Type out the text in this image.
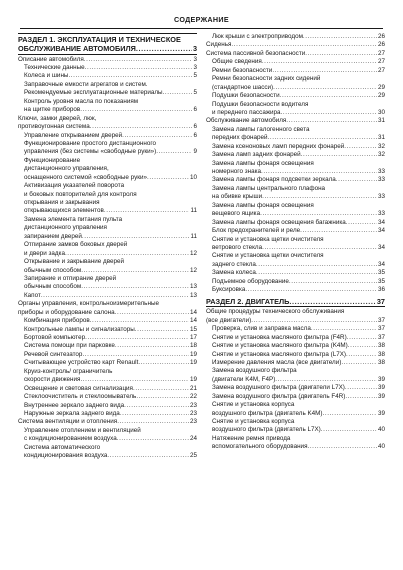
СОДЕРЖАНИЕ
РАЗДЕЛ 1. ЭКСПЛУАТАЦИЯ И ТЕХНИЧЕСКОЕ
ОБСЛУЖИВАНИЕ АВТОМОБИЛЯ .....	3
Описание автомобиля .....	3
Технические данные .....	3
Колеса и шины .....	5
Заправочные емкости агрегатов и систем.
Рекомендуемые эксплуатационные материалы .....	5
Контроль уровня масла по показаниям
на щитке приборов .....	6
Ключи, замки дверей, люк,
противоугонная система .....	6
Управление открыванием дверей .....	6
Функционирование простого дистанционного
управления (без системы «свободные руки») .....	9
Функционирование
дистанционного управления,
оснащенного системой «свободные руки» .....	10
Активизация указателей поворота
и боковых повторителей для контроля
открывания и закрывания
открывающихся элементов .....	11
Замена элемента питания пульта
дистанционного управления
запиранием дверей .....	11
Отпирание замков боковых дверей
и двери задка .....	12
Открывание и закрывание дверей
обычным способом .....	12
Запирание и отпирание дверей
обычным способом .....	13
Капот .....	13
Органы управления, контрольноизмерительные
приборы и оборудование салона .....	14
Комбинация приборов .....	14
Контрольные лампы и сигнализаторы .....	15
Бортовой компьютер .....	17
Система помощи при парковке .....	18
Речевой синтезатор .....	19
Считывающее устройство карт Renault .....	19
Круиз-контроль/ ограничитель
скорости движения .....	19
Освещение и световая сигнализация .....	21
Стеклоочиститель и стеклоомыватель .....	22
Внутреннее зеркало заднего вида .....	23
Наружные зеркала заднего вида .....	23
Система вентиляции и отопления .....	23
Управление отоплением и вентиляцией
с кондиционированием воздуха .....	24
Система автоматического
кондиционирования воздуха .....	25
Люк крыши с электроприводом .....	26
Сиденья .....	26
Система пассивной безопасности .....	27
Общие сведения .....	27
Ремни безопасности .....	27
Ремни безопасности задних сидений
(стандартное шасси) .....	29
Подушки безопасности .....	29
Подушки безопасности водителя
и переднего пассажира .....	30
Обслуживание автомобиля .....	31
Замена лампы галогенного света
передних фонарей .....	31
Замена ксеноновых ламп передних фонарей .....	32
Замена ламп задних фонарей .....	32
Замена лампы фонаря освещения
номерного знака .....	33
Замена лампы фонаря подсветки зеркала .....	33
Замена лампы центрального плафона
на обивке крыши .....	33
Замена лампы фонаря освещения
вещевого ящика .....	33
Замена лампы фонаря освещения багажника .....	34
Блок предохранителей и реле .....	34
Снятие и установка щетки очистителя
ветрового стекла .....	34
Снятие и установка щетки очистителя
заднего стекла .....	34
Замена колеса .....	35
Подъемное оборудование .....	35
Буксировка .....	36
РАЗДЕЛ 2. ДВИГАТЕЛЬ .....	37
Общие процедуры технического обслуживания
(все двигатели) .....	37
Проверка, слив и заправка масла .....	37
Снятие и установка масляного фильтра (F4R) .....	37
Снятие и установка масляного фильтра (K4M) .....	38
Снятие и установка масляного фильтра (L7X) .....	38
Измерение давления масла (все двигатели) .....	38
Замена воздушного фильтра
(двигатели K4M, F4P) .....	39
Замена воздушного фильтра (двигатели L7X) .....	39
Замена воздушного фильтра (двигатель F4R) .....	39
Снятие и установка корпуса
воздушного фильтра (двигатель K4M) .....	39
Снятие и установка корпуса
воздушного фильтра (двигатель L7X) .....	40
Натяжение ремня привода
вспомогательного оборудования .....	40
